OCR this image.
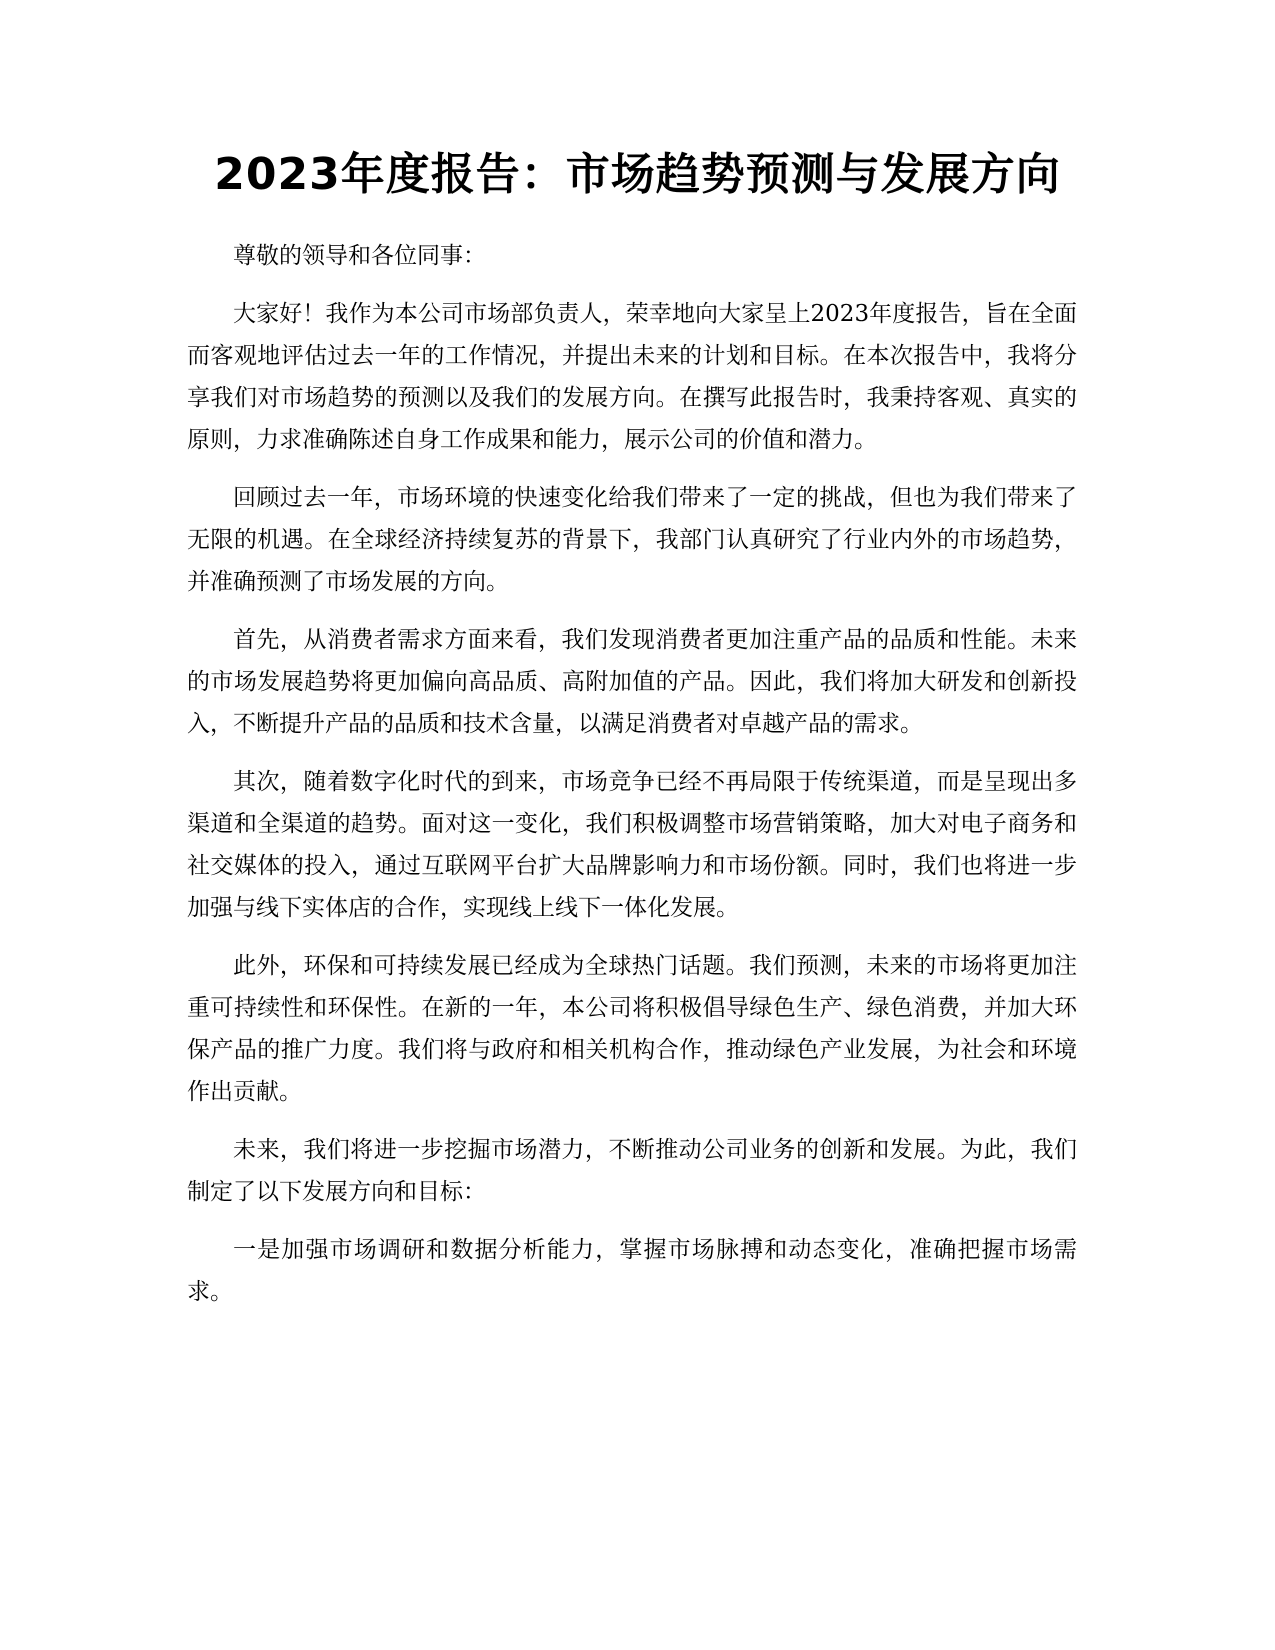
2023年度报告：市场趋势预测与发展方向

尊敬的领导和各位同事：

大家好！我作为本公司市场部负责人，荣幸地向大家呈上2023年度报告，旨在全面而客观地评估过去一年的工作情况，并提出未来的计划和目标。在本次报告中，我将分享我们对市场趋势的预测以及我们的发展方向。在撰写此报告时，我秉持客观、真实的原则，力求准确陈述自身工作成果和能力，展示公司的价值和潜力。

回顾过去一年，市场环境的快速变化给我们带来了一定的挑战，但也为我们带来了无限的机遇。在全球经济持续复苏的背景下，我部门认真研究了行业内外的市场趋势，并准确预测了市场发展的方向。

首先，从消费者需求方面来看，我们发现消费者更加注重产品的品质和性能。未来的市场发展趋势将更加偏向高品质、高附加值的产品。因此，我们将加大研发和创新投入，不断提升产品的品质和技术含量，以满足消费者对卓越产品的需求。

其次，随着数字化时代的到来，市场竞争已经不再局限于传统渠道，而是呈现出多渠道和全渠道的趋势。面对这一变化，我们积极调整市场营销策略，加大对电子商务和社交媒体的投入，通过互联网平台扩大品牌影响力和市场份额。同时，我们也将进一步加强与线下实体店的合作，实现线上线下一体化发展。

此外，环保和可持续发展已经成为全球热门话题。我们预测，未来的市场将更加注重可持续性和环保性。在新的一年，本公司将积极倡导绿色生产、绿色消费，并加大环保产品的推广力度。我们将与政府和相关机构合作，推动绿色产业发展，为社会和环境作出贡献。

未来，我们将进一步挖掘市场潜力，不断推动公司业务的创新和发展。为此，我们制定了以下发展方向和目标：

一是加强市场调研和数据分析能力，掌握市场脉搏和动态变化，准确把握市场需求。
